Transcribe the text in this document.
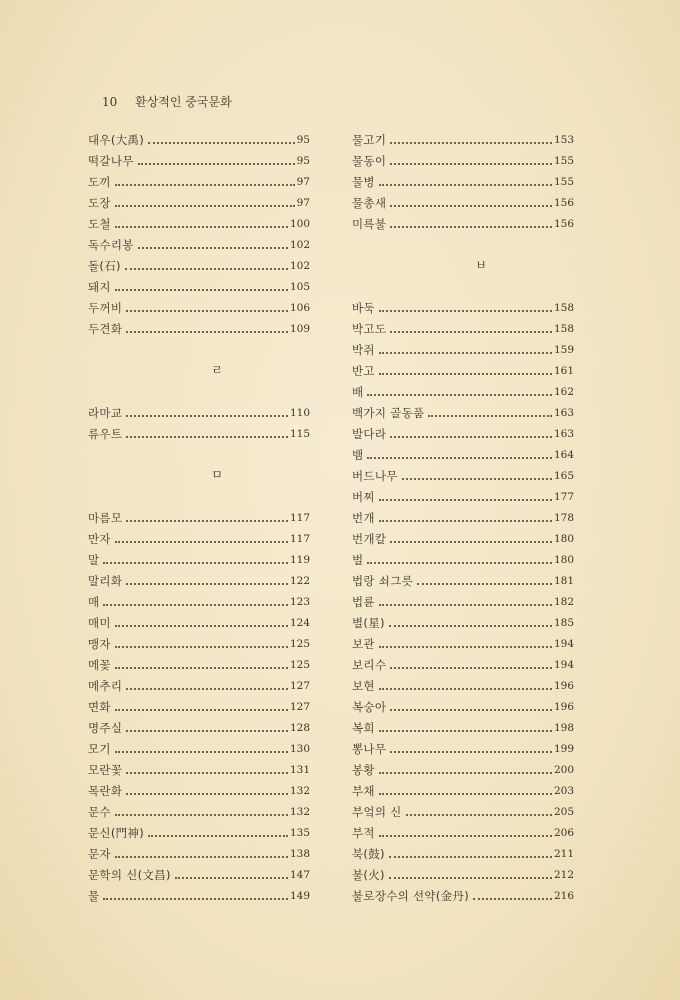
10 환상적인 중국문화
대우(大禹)	95
떡갈나무	95
도끼	97
도장	97
도철	100
독수리봉	102
돌(石)	102
돼지	105
두꺼비	106
두견화	109
ㄹ
라마교	110
류우트	115
ㅁ
마름모	117
만자	117
말	119
말리화	122
매	123
매미	124
맹자	125
메꽃	125
메추리	127
면화	127
명주실	128
모기	130
모란꽃	131
목란화	132
문수	132
문신(門神)	135
문자	138
문학의 신(文昌)	147
물	149
물고기	153
물동이	155
물병	155
물총새	156
미륵불	156
ㅂ
바둑	158
박고도	158
박쥐	159
반고	161
배	162
백가지 골동품	163
발다라	163
뱀	164
버드나무	165
버찌	177
번개	178
번개칼	180
벌	180
법랑 쇠그릇	181
법륜	182
별(星)	185
보관	194
보리수	194
보현	196
복숭아	196
복희	198
뽕나무	199
봉황	200
부채	203
부엌의 신	205
부적	206
북(鼓)	211
불(火)	212
불로장수의 선약(金丹)	216
